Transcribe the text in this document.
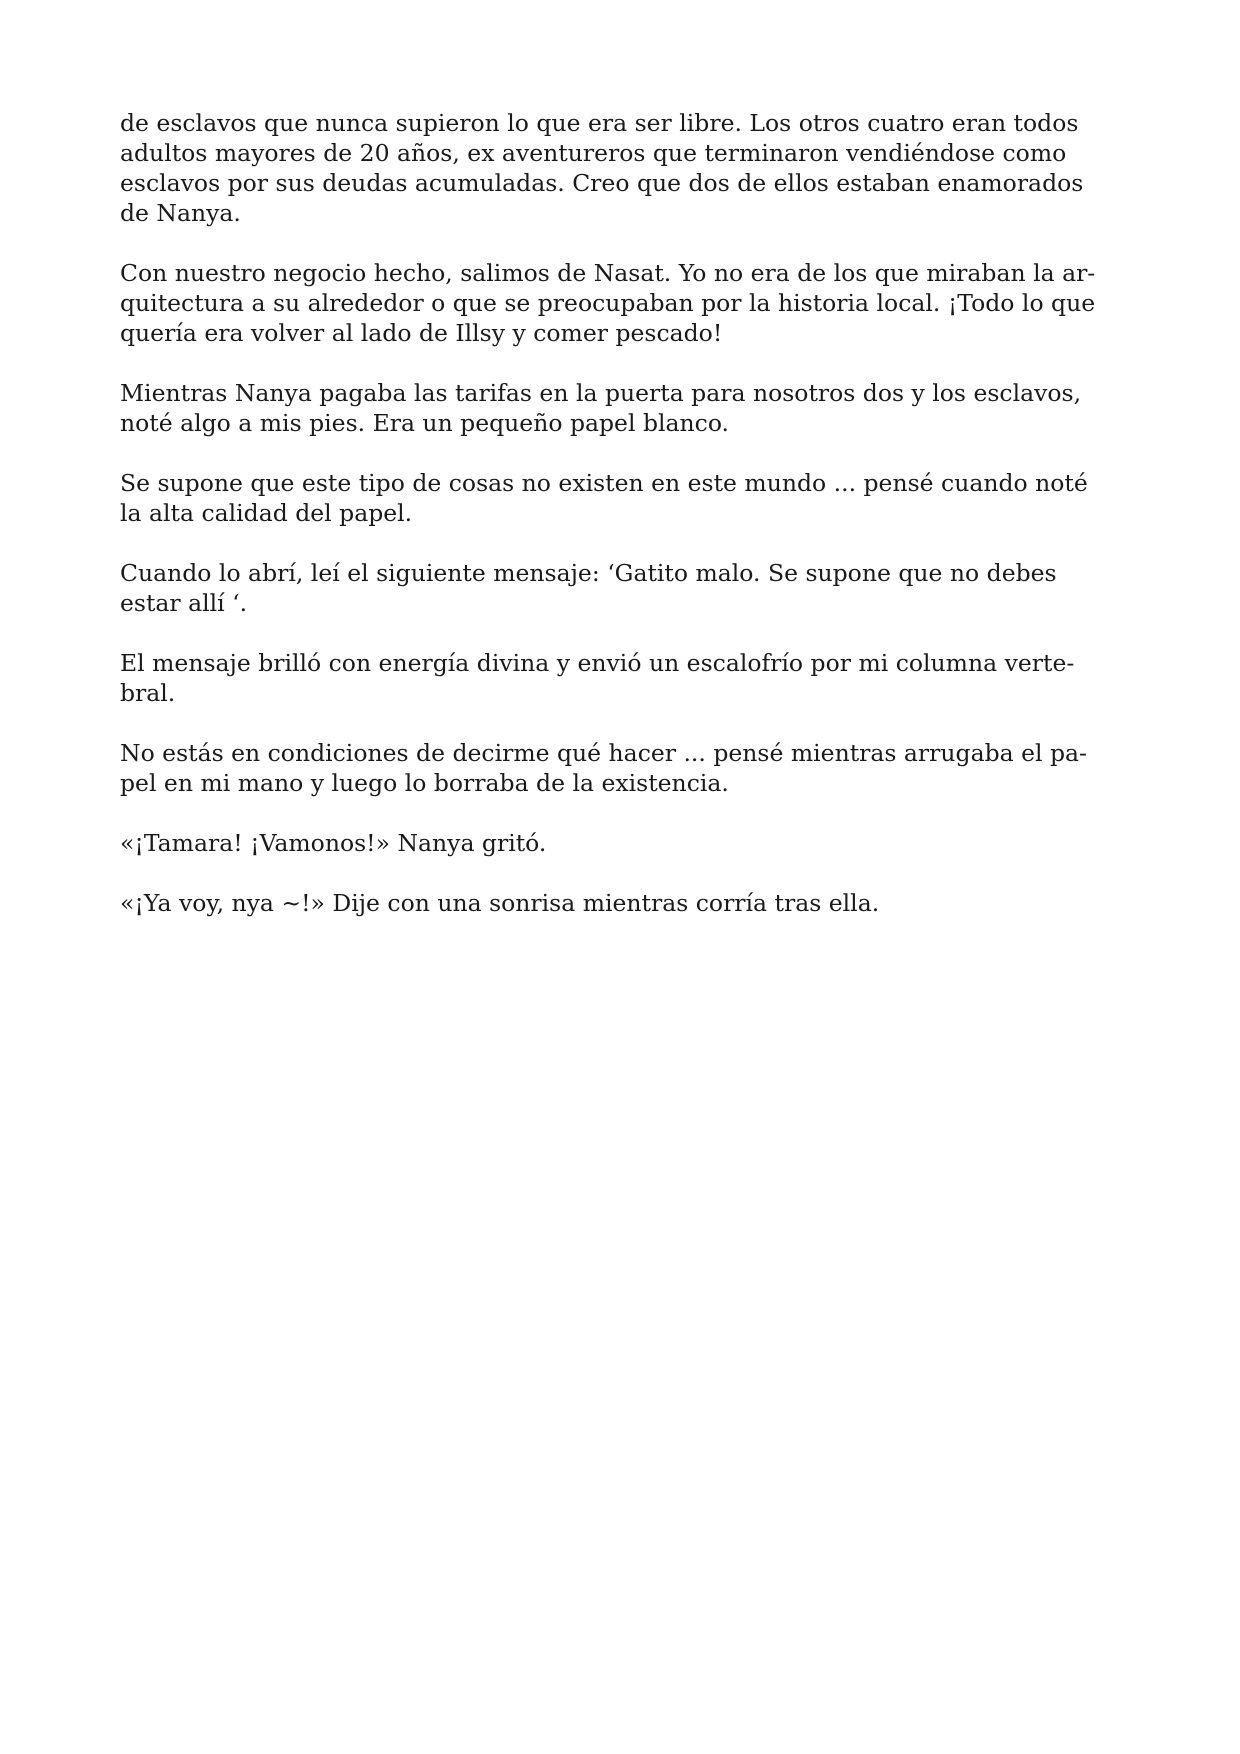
de esclavos que nunca supieron lo que era ser libre. Los otros cuatro eran todos
adultos mayores de 20 años, ex aventureros que terminaron vendiéndose como
esclavos por sus deudas acumuladas. Creo que dos de ellos estaban enamorados
de Nanya.

Con nuestro negocio hecho, salimos de Nasat. Yo no era de los que miraban la ar-
quitectura a su alrededor o que se preocupaban por la historia local. ¡Todo lo que
quería era volver al lado de Illsy y comer pescado!

Mientras Nanya pagaba las tarifas en la puerta para nosotros dos y los esclavos,
noté algo a mis pies. Era un pequeño papel blanco.

Se supone que este tipo de cosas no existen en este mundo ... pensé cuando noté
la alta calidad del papel.

Cuando lo abrí, leí el siguiente mensaje: ‘Gatito malo. Se supone que no debes
estar allí ‘.

El mensaje brilló con energía divina y envió un escalofrío por mi columna verte-
bral.

No estás en condiciones de decirme qué hacer ... pensé mientras arrugaba el pa-
pel en mi mano y luego lo borraba de la existencia.

«¡Tamara! ¡Vamonos!» Nanya gritó.

«¡Ya voy, nya ~!» Dije con una sonrisa mientras corría tras ella.
